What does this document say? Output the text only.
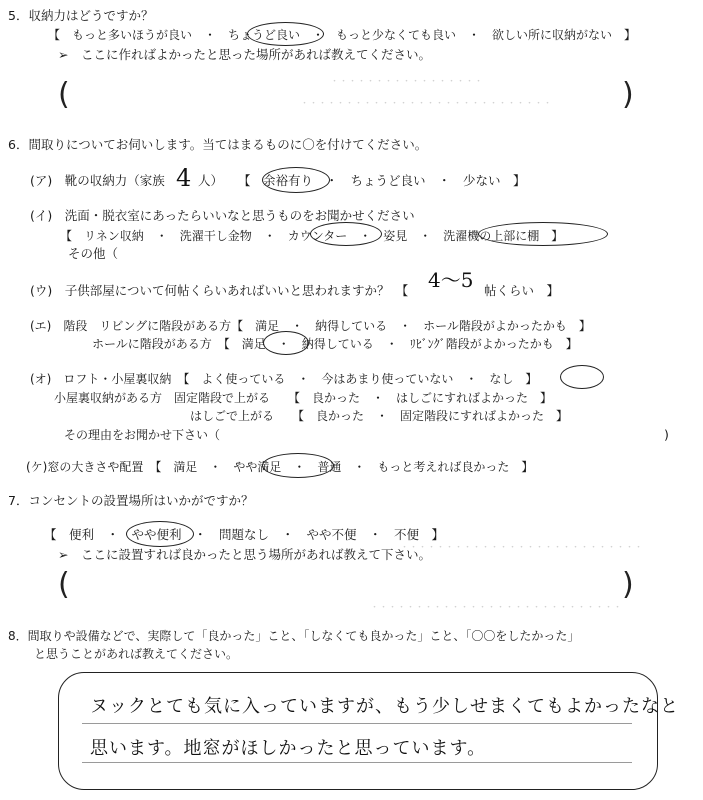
・・・・・・・・・・・・・・・・・
・・・・・・・・・・・・・・・・・・・・・・・・・・・・
・・・・・・・・・・・・・・・・・・・・・・・・・・・
・・・・・・・・・・・・・・・・・・・・・・・・・・・・
5．収納力はどうですか？
【　もっと多いほうが良い　・　ちょうど良い　・　もっと少なくても良い　・　欲しい所に収納がない　】
➢　ここに作ればよかったと思った場所があれば教えてください。
(	)
6．間取りについてお伺いします。当てはまるものに〇を付けてください。
(ア)　靴の収納力（家族 4 人） 【　余裕有り　・　ちょうど良い　・　少ない　】
(イ)　洗面・脱衣室にあったらいいなと思うものをお聞かせください
【　リネン収納　・　洗濯干し金物　・　カウンター　・　姿見　・　洗濯機の上部に棚　】
その他（
(ウ)　子供部屋について何帖くらいあればいいと思われますか？　【 4～5 帖くらい　】
(エ)　階段　リビングに階段がある方【　満足　・　納得している　・　ホール階段がよかったかも　】
ホールに階段がある方　【　満足　・　納得している　・　ﾘﾋﾞﾝｸﾞ階段がよかったかも　】
(オ)　ロフト・小屋裏収納　【　よく使っている　・　今はあまり使っていない　・　なし　】
小屋裏収納がある方　固定階段で上がる　　【　良かった　・　はしごにすればよかった　】
はしごで上がる　　【　良かった　・　固定階段にすればよかった　】
その理由をお聞かせ下さい（	)
(ケ)窓の大きさや配置　【　満足　・　やや満足　・　普通　・　もっと考えれば良かった　】
7．コンセントの設置場所はいかがですか？
【　便利　・　やや便利　・　問題なし　・　やや不便　・　不便　】
➢　ここに設置すれば良かったと思う場所があれば教えて下さい。
(	)
8．間取りや設備などで、実際して「良かった」こと、「しなくても良かった」こと、「〇〇をしたかった」
と思うことがあれば教えてください。
ヌックとても気に入っていますが、もう少しせまくてもよかったなと
思います。地窓がほしかったと思っています。
